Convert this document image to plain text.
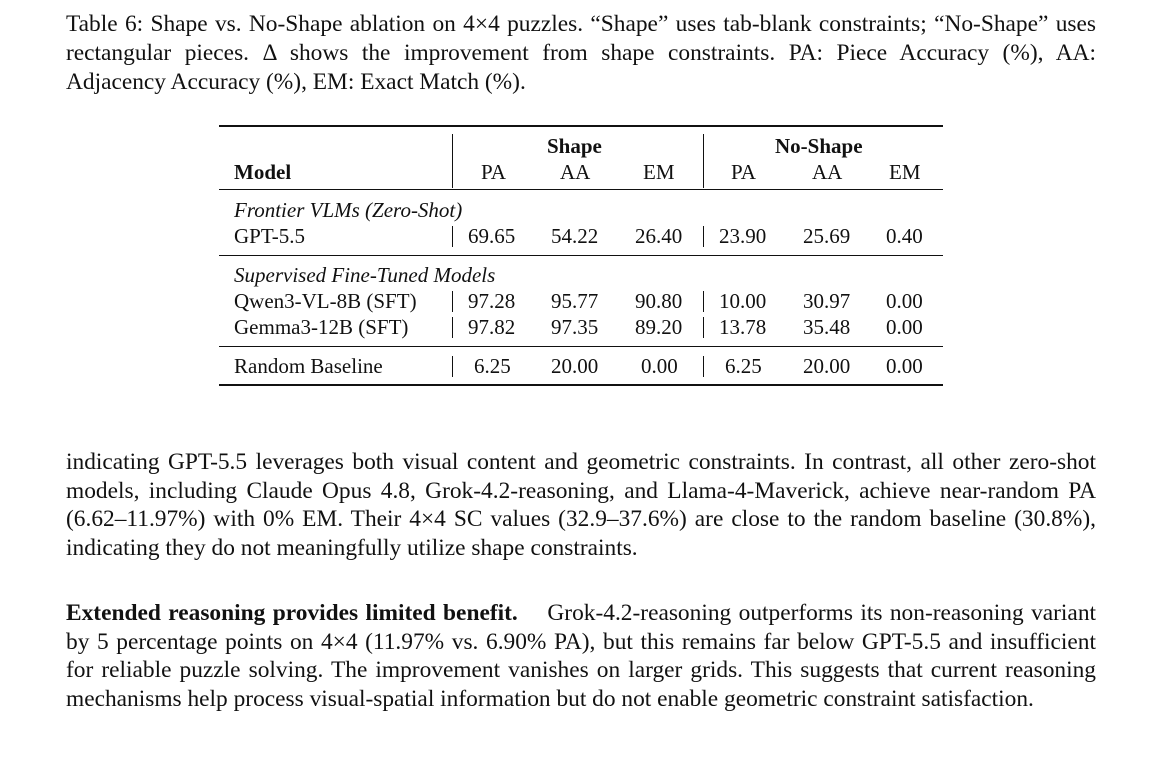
Table 6: Shape vs. No-Shape ablation on 4×4 puzzles. “Shape” uses tab-blank constraints; “No-Shape” uses rectangular pieces. Δ shows the improvement from shape constraints. PA: Piece Accuracy (%), AA: Adjacency Accuracy (%), EM: Exact Match (%).
Shape	No-Shape
Model	PA	AA	EM	PA	AA EM
Frontier VLMs (Zero-Shot)
GPT-5.5	69.65 54.22 26.40 23.90 25.69 0.40
Supervised Fine-Tuned Models
Qwen3-VL-8B (SFT) 97.28 95.77 90.80 10.00 30.97 0.00
Gemma3-12B (SFT)	97.82 97.35 89.20 13.78 35.48 0.00
Random Baseline	6.25 20.00 0.00 6.25 20.00 0.00

indicating GPT-5.5 leverages both visual content and geometric constraints. In contrast, all other zero-shot models, including Claude Opus 4.8, Grok-4.2-reasoning, and Llama-4-Maverick, achieve near-random PA (6.62–11.97%) with 0% EM. Their 4×4 SC values (32.9–37.6%) are close to the random baseline (30.8%), indicating they do not meaningfully utilize shape constraints.

Extended reasoning provides limited benefit. Grok-4.2-reasoning outperforms its non-reasoning variant by 5 percentage points on 4×4 (11.97% vs. 6.90% PA), but this remains far below GPT-5.5 and insufficient for reliable puzzle solving. The improvement vanishes on larger grids. This suggests that current reasoning mechanisms help process visual-spatial information but do not enable geometric constraint satisfaction.
